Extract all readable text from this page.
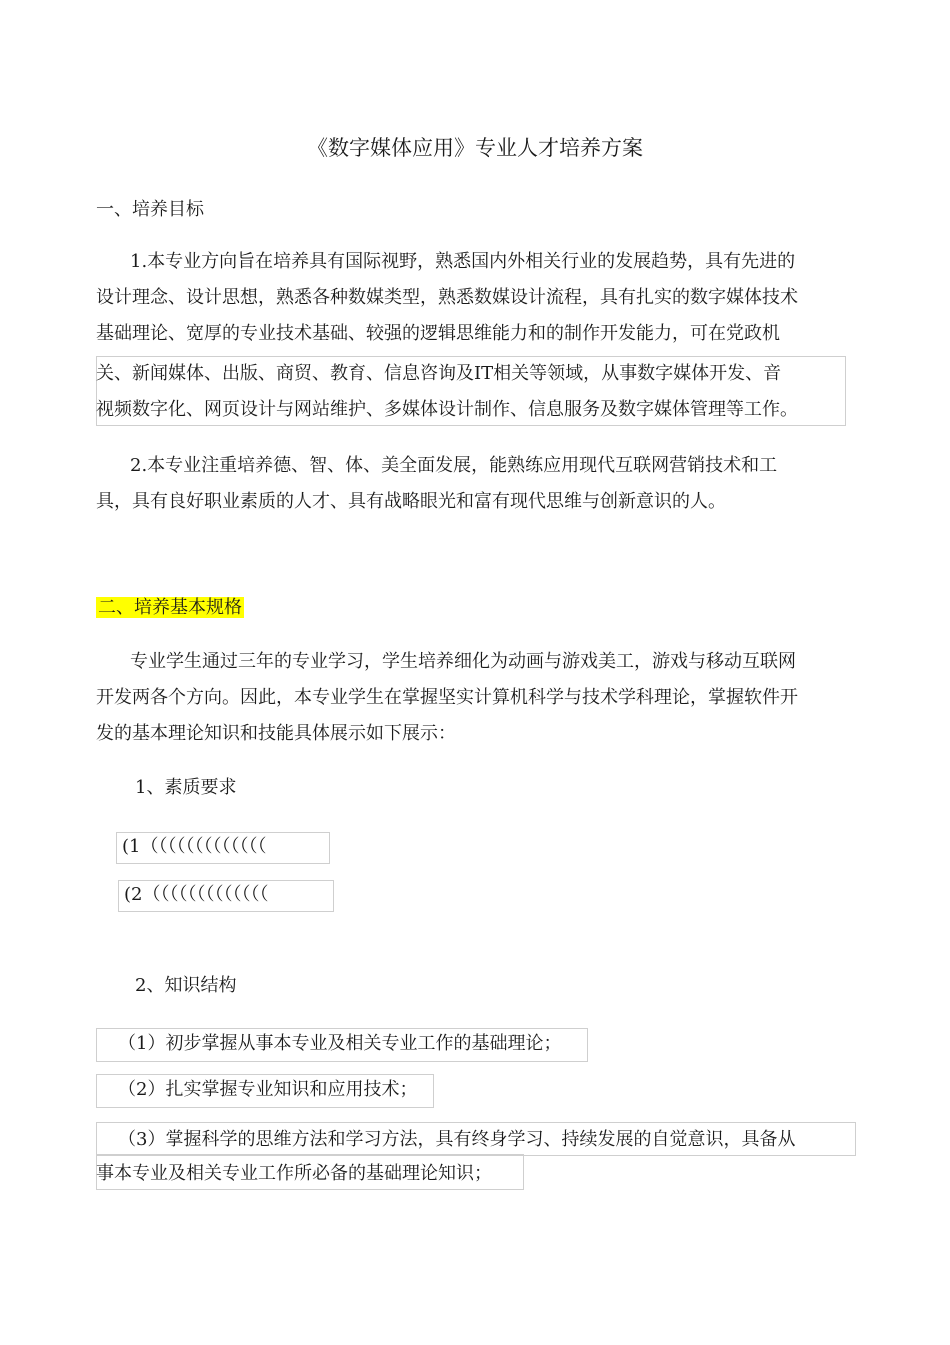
《数字媒体应用》专业人才培养方案
一、培养目标
1.本专业方向旨在培养具有国际视野，熟悉国内外相关行业的发展趋势，具有先进的
设计理念、设计思想，熟悉各种数媒类型，熟悉数媒设计流程，具有扎实的数字媒体技术
基础理论、宽厚的专业技术基础、较强的逻辑思维能力和的制作开发能力，可在党政机
关、新闻媒体、出版、商贸、教育、信息咨询及IT相关等领域，从事数字媒体开发、音
视频数字化、网页设计与网站维护、多媒体设计制作、信息服务及数字媒体管理等工作。
2.本专业注重培养德、智、体、美全面发展，能熟练应用现代互联网营销技术和工
具，具有良好职业素质的人才、具有战略眼光和富有现代思维与创新意识的人。
二、培养基本规格
专业学生通过三年的专业学习，学生培养细化为动画与游戏美工，游戏与移动互联网
开发两各个方向。因此，本专业学生在掌握坚实计算机科学与技术学科理论，掌握软件开
发的基本理论知识和技能具体展示如下展示：
1、素质要求
(1（（（（（（（（（（（（（
(2（（（（（（（（（（（（（
2、知识结构
（1）初步掌握从事本专业及相关专业工作的基础理论；
（2）扎实掌握专业知识和应用技术；
（3）掌握科学的思维方法和学习方法，具有终身学习、持续发展的自觉意识，具备从
事本专业及相关专业工作所必备的基础理论知识；
